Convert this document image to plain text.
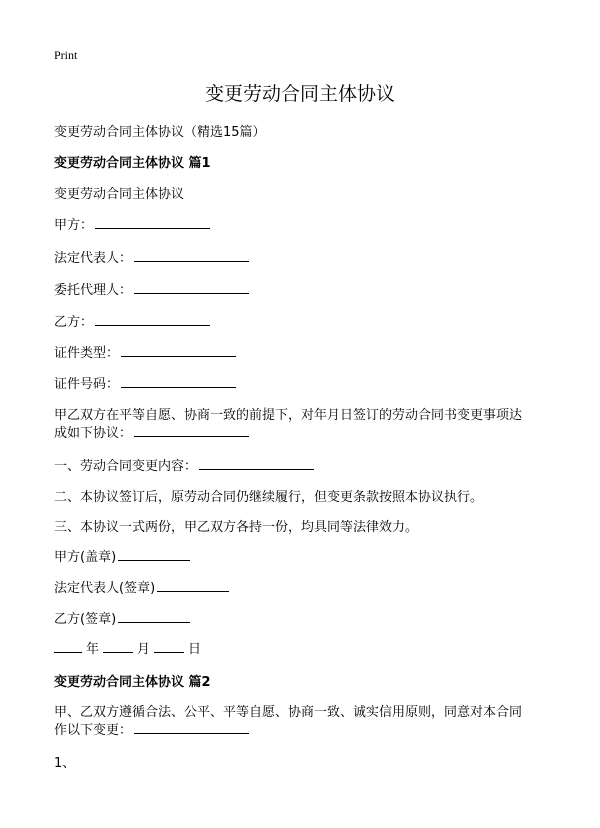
Print
变更劳动合同主体协议
变更劳动合同主体协议（精选15篇）
变更劳动合同主体协议 篇1
变更劳动合同主体协议
甲方：
法定代表人：
委托代理人：
乙方：
证件类型：
证件号码：
甲乙双方在平等自愿、协商一致的前提下，对年月日签订的劳动合同书变更事项达
成如下协议：
一、劳动合同变更内容：
二、本协议签订后，原劳动合同仍继续履行，但变更条款按照本协议执行。
三、本协议一式两份，甲乙双方各持一份，均具同等法律效力。
甲方(盖章)
法定代表人(签章)
乙方(签章)
年	月	日
变更劳动合同主体协议 篇2
甲、乙双方遵循合法、公平、平等自愿、协商一致、诚实信用原则，同意对本合同
作以下变更：
1、
